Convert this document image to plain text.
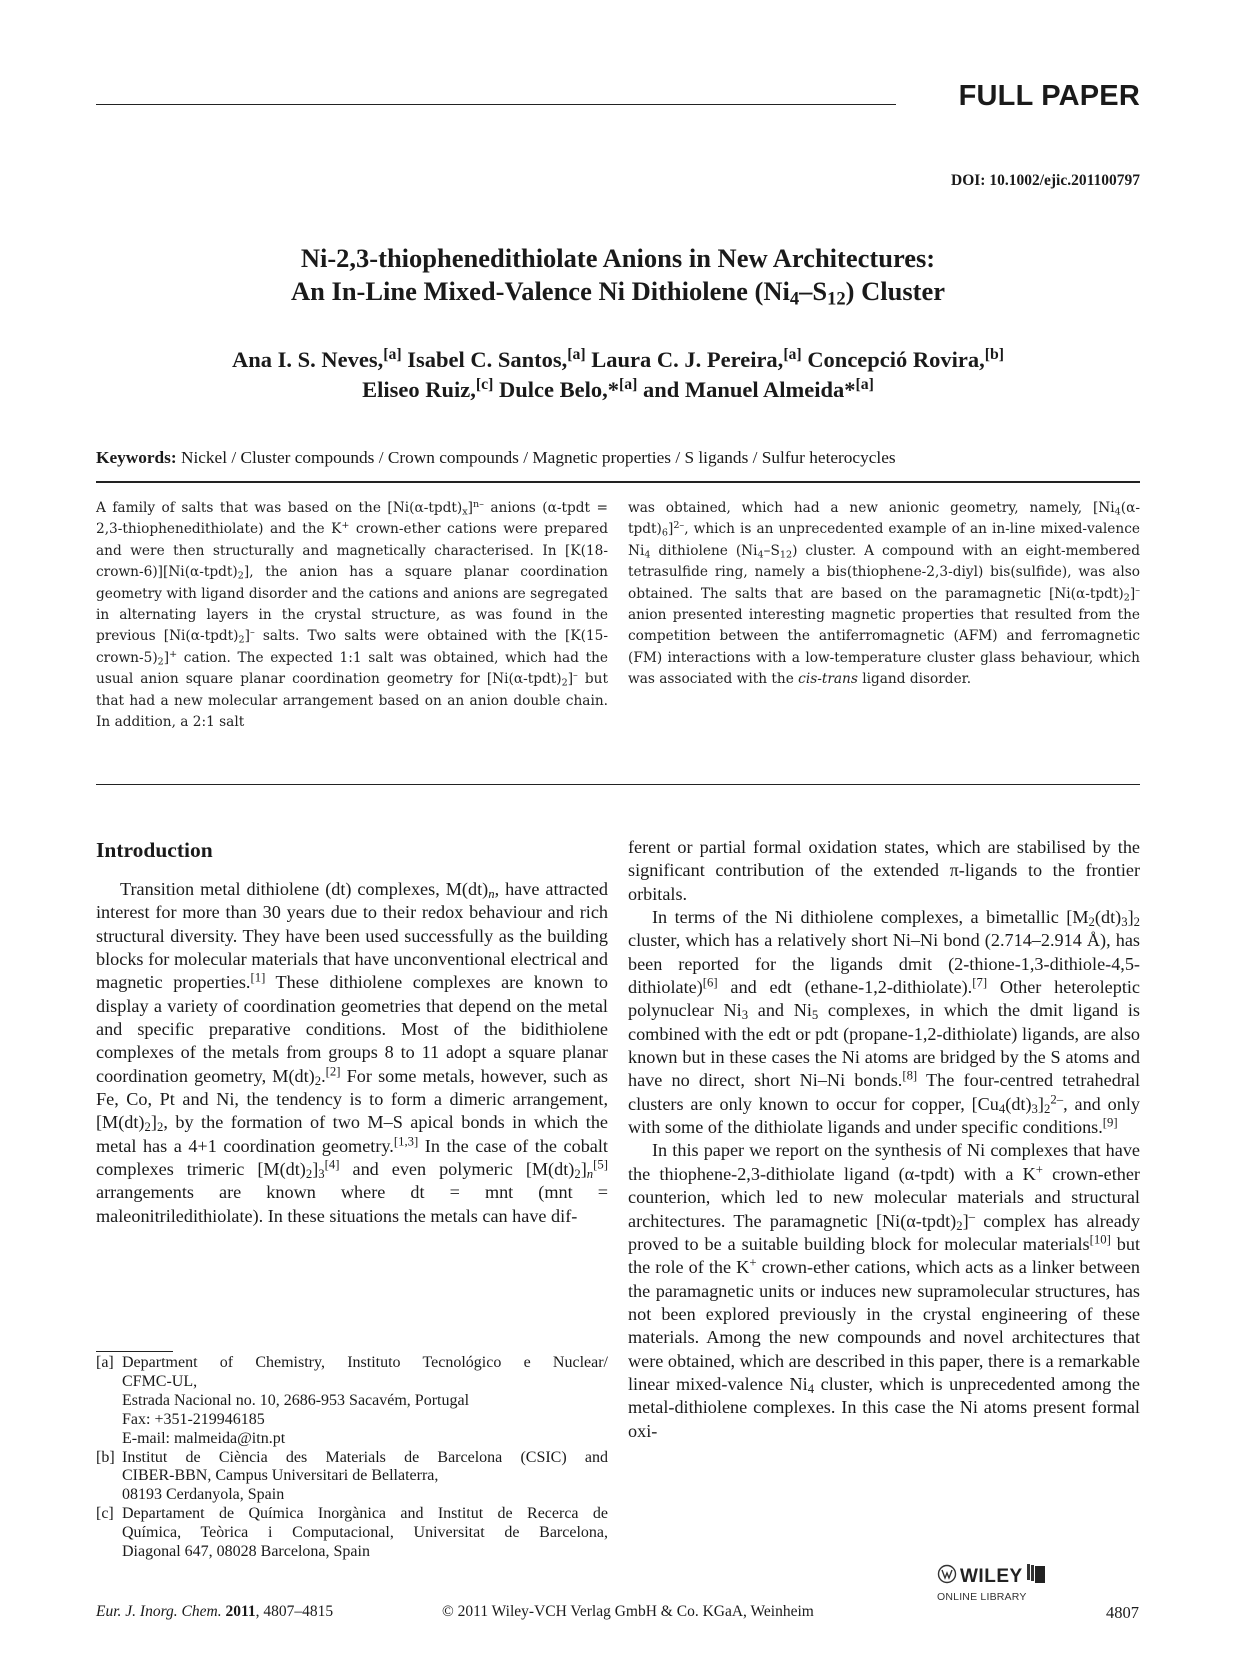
FULL PAPER
DOI: 10.1002/ejic.201100797
Ni-2,3-thiophenedithiolate Anions in New Architectures:
An In-Line Mixed-Valence Ni Dithiolene $(Ni_4-S_{12})$ Cluster
Ana I. S. Neves,[a] Isabel C. Santos,[a] Laura C. J. Pereira,[a] Concepció Rovira,[b]
Eliseo Ruiz,[c] Dulce Belo,*[a] and Manuel Almeida*[a]
Keywords: Nickel / Cluster compounds / Crown compounds / Magnetic properties / S ligands / Sulfur heterocycles
A family of salts that was based on the $[Ni(\alpha-tpdt)_x]^{n-}$ anions (α-tpdt = 2,3-thiophenedithiolate) and the K+ crown-ether cations were prepared and were then structurally and magnetically characterised. In $[K(18-crown-6)][Ni(\alpha-tpdt)_2]$, the anion has a square planar coordination geometry with ligand disorder and the cations and anions are segregated in alternating layers in the crystal structure, as was found in the previous $[Ni(\alpha-tpdt)_2]^-$ salts. Two salts were obtained with the $[K(15-crown-5)_2]^+$ cation. The expected 1:1 salt was obtained, which had the usual anion square planar coordination geometry for $[Ni(\alpha-tpdt)_2]^-$ but that had a new molecular arrangement based on an anion double chain. In addition, a 2:1 salt
was obtained, which had a new anionic geometry, namely, $[Ni_4(\alpha-tpdt)_6]^{2-}$, which is an unprecedented example of an in-line mixed-valence $Ni_4$ dithiolene $(Ni_4-S_{12})$ cluster. A compound with an eight-membered tetrasulfide ring, namely a bis(thiophene-2,3-diyl) bis(sulfide), was also obtained. The salts that are based on the paramagnetic $[Ni(\alpha-tpdt)_2]^-$ anion presented interesting magnetic properties that resulted from the competition between the antiferromagnetic (AFM) and ferromagnetic (FM) interactions with a low-temperature cluster glass behaviour, which was associated with the cis-trans ligand disorder.
Introduction

Transition metal dithiolene (dt) complexes, $M(dt)_n$, have attracted interest for more than 30 years due to their redox behaviour and rich structural diversity. They have been used successfully as the building blocks for molecular materials that have unconventional electrical and magnetic properties.[1] These dithiolene complexes are known to display a variety of coordination geometries that depend on the metal and specific preparative conditions. Most of the bidithiolene complexes of the metals from groups 8 to 11 adopt a square planar coordination geometry, $M(dt)_2.[2]$ For some metals, however, such as Fe, Co, Pt and Ni, the tendency is to form a dimeric arrangement, $[M(dt)_2]_2$, by the formation of two M–S apical bonds in which the metal has a 4+1 coordination geometry.[1,3] In the case of the cobalt complexes trimeric $[M(dt)_2]_3[4]$ and even polymeric $[M(dt)_2]_n[5]$ arrangements are known where dt = mnt (mnt = maleonitriledithiolate). In these situations the metals can have dif-

ferent or partial formal oxidation states, which are stabilised by the significant contribution of the extended π-ligands to the frontier orbitals.

In terms of the Ni dithiolene complexes, a bimetallic $[M_2(dt)_3]_2$ cluster, which has a relatively short Ni–Ni bond (2.714–2.914 Å), has been reported for the ligands dmit (2-thione-1,3-dithiole-4,5-dithiolate)[6] and edt (ethane-1,2-dithiolate).[7] Other heteroleptic polynuclear $Ni_3$ and $Ni_5$ complexes, in which the dmit ligand is combined with the edt or pdt (propane-1,2-dithiolate) ligands, are also known but in these cases the Ni atoms are bridged by the S atoms and have no direct, short Ni–Ni bonds.[8] The four-centred tetrahedral clusters are only known to occur for copper, $[Cu_4(dt)_3]_2^{2-}$, and only with some of the dithiolate ligands and under specific conditions.[9]

In this paper we report on the synthesis of Ni complexes that have the thiophene-2,3-dithiolate ligand (α-tpdt) with a K+ crown-ether counterion, which led to new molecular materials and structural architectures. The paramagnetic $[Ni(\alpha-tpdt)_2]^-$ complex has already proved to be a suitable building block for molecular materials[10] but the role of the K+ crown-ether cations, which acts as a linker between the paramagnetic units or induces new supramolecular structures, has not been explored previously in the crystal engineering of these materials. Among the new compounds and novel architectures that were obtained, which are described in this paper, there is a remarkable linear mixed-valence $Ni_4$ cluster, which is unprecedented among the metal-dithiolene complexes. In this case the Ni atoms present formal oxi-

[a] Department of Chemistry, Instituto Tecnológico e Nuclear/
CFMC-UL,
Estrada Nacional no. 10, 2686-953 Sacavém, Portugal
Fax: +351-219946185
E-mail: malmeida@itn.pt
[b] Institut de Ciència des Materials de Barcelona (CSIC) and
CIBER-BBN, Campus Universitari de Bellaterra,
08193 Cerdanyola, Spain
[c] Departament de Química Inorgànica and Institut de Recerca de
Química, Teòrica i Computacional, Universitat de Barcelona,
Diagonal 647, 08028 Barcelona, Spain
Eur. J. Inorg. Chem. 2011, 4807–4815	© 2011 Wiley-VCH Verlag GmbH & Co. KGaA, Weinheim
WILEY
ONLINE LIBRARY
4807
